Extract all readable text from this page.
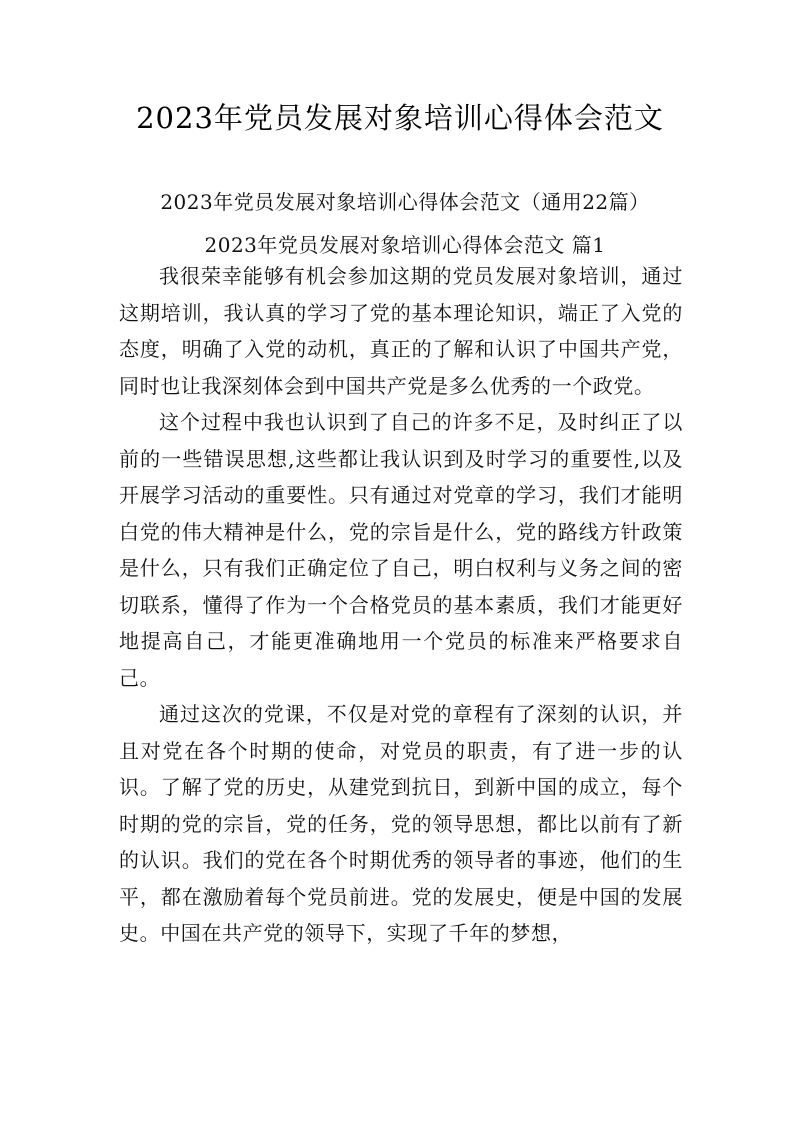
2023年党员发展对象培训心得体会范文
2023年党员发展对象培训心得体会范文（通用22篇）
2023年党员发展对象培训心得体会范文 篇1

我很荣幸能够有机会参加这期的党员发展对象培训，通过这期培训，我认真的学习了党的基本理论知识，端正了入党的态度，明确了入党的动机，真正的了解和认识了中国共产党，同时也让我深刻体会到中国共产党是多么优秀的一个政党。

这个过程中我也认识到了自己的许多不足，及时纠正了以前的一些错误思想,这些都让我认识到及时学习的重要性,以及开展学习活动的重要性。只有通过对党章的学习，我们才能明白党的伟大精神是什么，党的宗旨是什么，党的路线方针政策是什么，只有我们正确定位了自己，明白权利与义务之间的密切联系，懂得了作为一个合格党员的基本素质，我们才能更好地提高自己，才能更准确地用一个党员的标准来严格要求自己。

通过这次的党课，不仅是对党的章程有了深刻的认识，并且对党在各个时期的使命，对党员的职责，有了进一步的认识。了解了党的历史，从建党到抗日，到新中国的成立，每个时期的党的宗旨，党的任务，党的领导思想，都比以前有了新的认识。我们的党在各个时期优秀的领导者的事迹，他们的生平，都在激励着每个党员前进。党的发展史，便是中国的发展史。中国在共产党的领导下，实现了千年的梦想，
